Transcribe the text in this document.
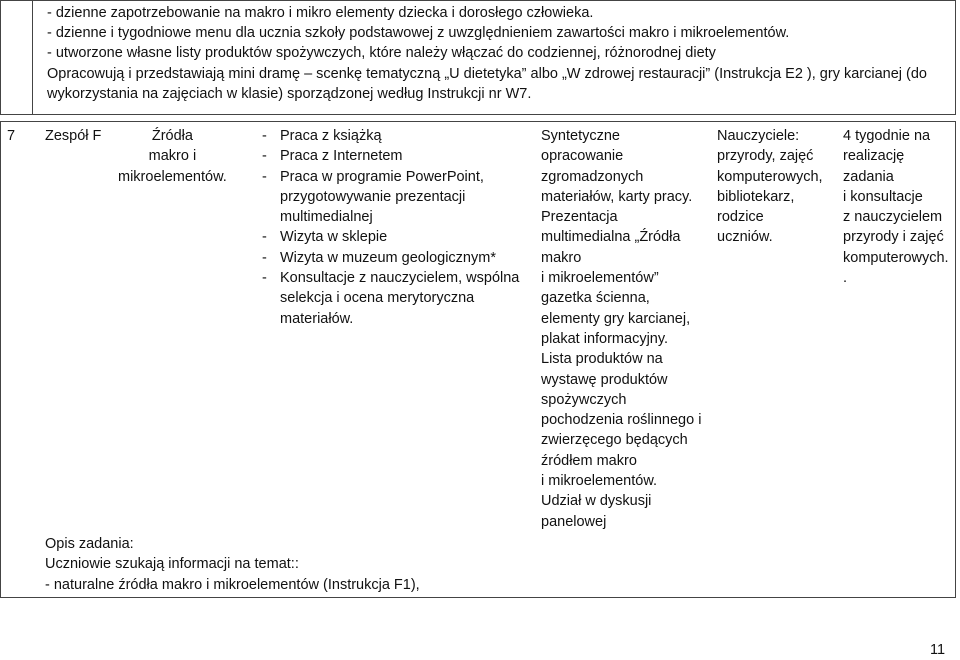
- dzienne zapotrzebowanie na makro i mikro elementy dziecka i dorosłego człowieka.
- dzienne i tygodniowe menu dla ucznia szkoły podstawowej z uwzględnieniem zawartości makro i mikroelementów.
- utworzone własne listy produktów spożywczych, które należy włączać do codziennej, różnorodnej diety
Opracowują i przedstawiają mini dramę – scenkę tematyczną „U dietetyka” albo „W zdrowej restauracji” (Instrukcja E2 ), gry karcianej (do
wykorzystania na zajęciach w klasie) sporządzonej według Instrukcji nr W7.
7 Zespół F	Źródła
makro i
mikroelementów.
- Praca z książką
- Praca z Internetem
- Praca w programie PowerPoint, przygotowywanie prezentacji multimedialnej
- Wizyta w sklepie
- Wizyta w muzeum geologicznym*
- Konsultacje z nauczycielem, wspólna selekcja i ocena merytoryczna materiałów.
Syntetyczne
opracowanie
zgromadzonych
materiałów, karty pracy.
Prezentacja
multimedialna „Źródła
makro
i mikroelementów”
gazetka ścienna,
elementy gry karcianej,
plakat informacyjny.
Lista produktów na
wystawę produktów
spożywczych
pochodzenia roślinnego i
zwierzęcego będących
źródłem makro
i mikroelementów.
Udział w dyskusji
panelowej
Nauczyciele:
przyrody, zajęć
komputerowych,
bibliotekarz,
rodzice
uczniów.
4 tygodnie na
realizację
zadania
i konsultacje
z nauczycielem
przyrody i zajęć
komputerowych.
.
Opis zadania:
Uczniowie szukają informacji na temat::
- naturalne źródła makro i mikroelementów (Instrukcja F1),
11
